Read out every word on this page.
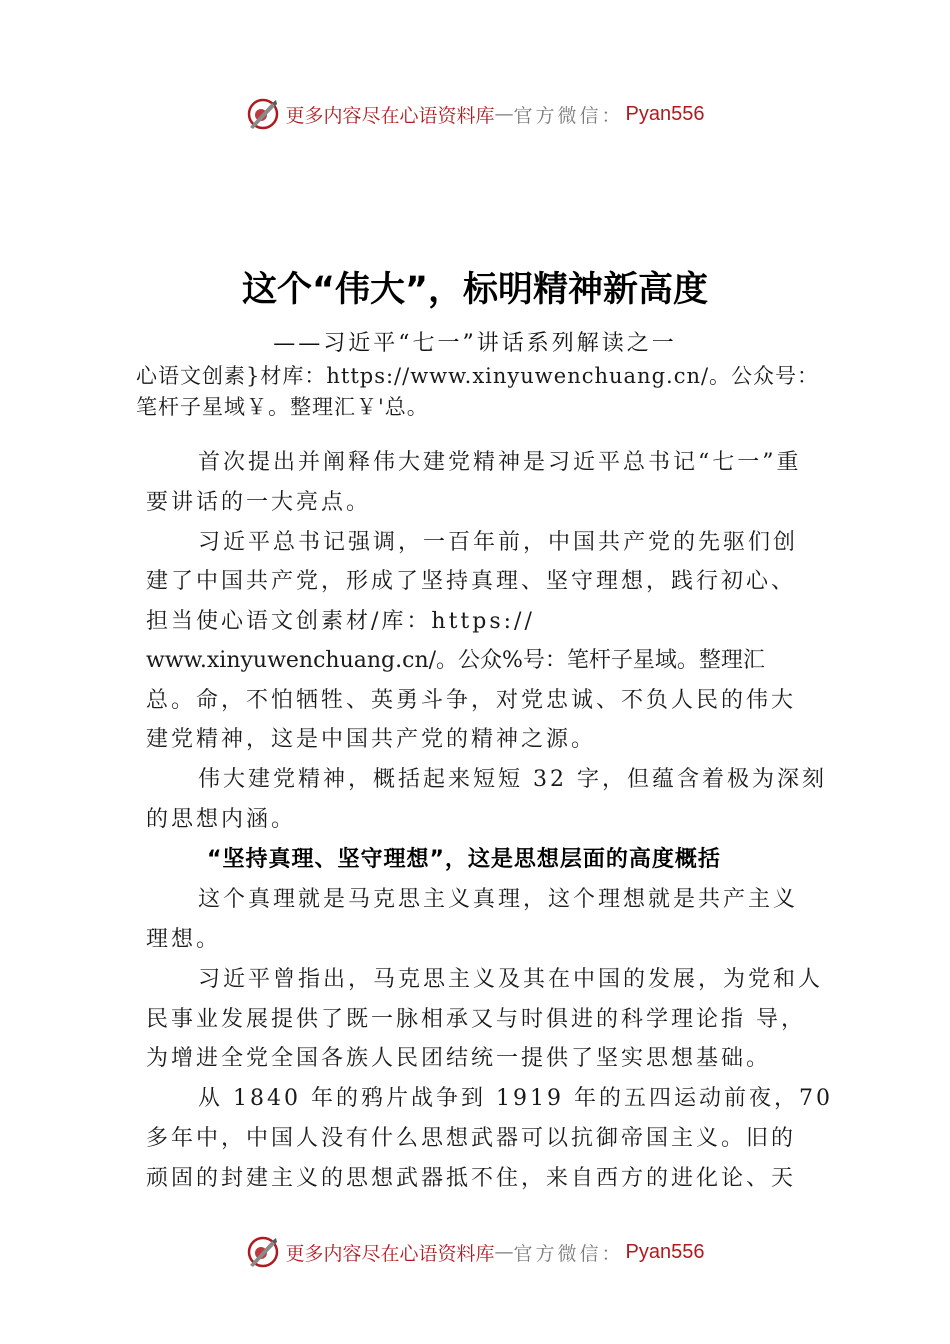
更多内容尽在心语资料库 — 官方微信： Pyan556
这个“伟大”，标明精神新高度
——习近平“七一”讲话系列解读之一
心语文创素}材库：https://www.xinyuwenchuang.cn/。公众号：
笔杆子星域￥。整理汇￥'总。
首次提出并阐释伟大建党精神是习近平总书记“七一”重
要讲话的一大亮点。
习近平总书记强调，一百年前，中国共产党的先驱们创
建了中国共产党，形成了坚持真理、坚守理想，践行初心、
担当使心语文创素材/库：https://
www.xinyuwenchuang.cn/。公众%号：笔杆子星域。整理汇
总。命，不怕牺牲、英勇斗争，对党忠诚、不负人民的伟大
建党精神，这是中国共产党的精神之源。
伟大建党精神，概括起来短短 32 字，但蕴含着极为深刻
的思想内涵。
“坚持真理、坚守理想”，这是思想层面的高度概括
这个真理就是马克思主义真理，这个理想就是共产主义
理想。
习近平曾指出，马克思主义及其在中国的发展，为党和人
民事业发展提供了既一脉相承又与时俱进的科学理论指 导，
为增进全党全国各族人民团结统一提供了坚实思想基础。
从 1840 年的鸦片战争到 1919 年的五四运动前夜，70
多年中，中国人没有什么思想武器可以抗御帝国主义。旧的
顽固的封建主义的思想武器抵不住，来自西方的进化论、天
更多内容尽在心语资料库 — 官方微信： Pyan556
